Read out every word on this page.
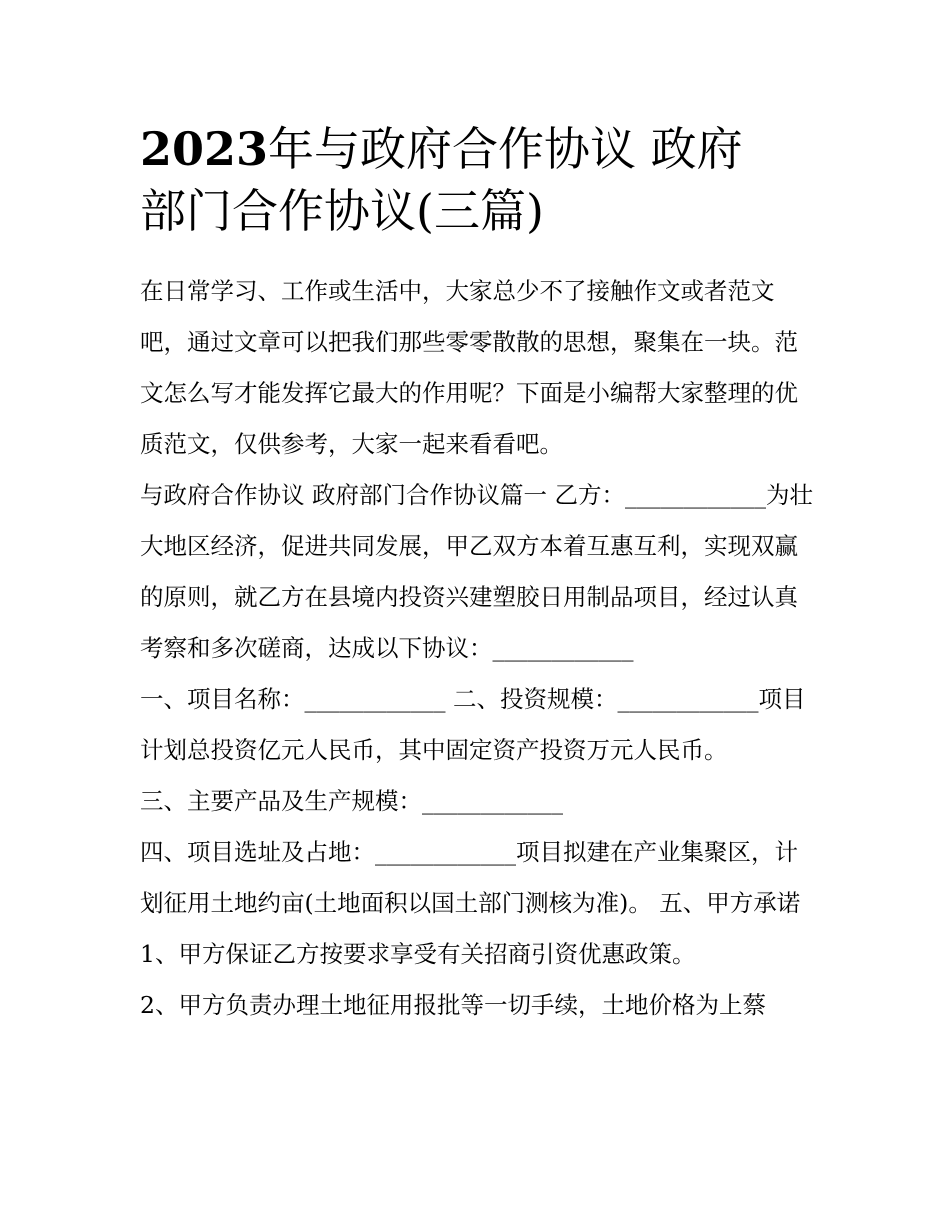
2023年与政府合作协议 政府
部门合作协议(三篇)

在日常学习、工作或生活中，大家总少不了接触作文或者范文吧，通过文章可以把我们那些零零散散的思想，聚集在一块。范文怎么写才能发挥它最大的作用呢？下面是小编帮大家整理的优质范文，仅供参考，大家一起来看看吧。

与政府合作协议 政府部门合作协议篇一 乙方：____________为壮大地区经济，促进共同发展，甲乙双方本着互惠互利，实现双赢的原则，就乙方在县境内投资兴建塑胶日用制品项目，经过认真考察和多次磋商，达成以下协议：____________

一、项目名称：____________ 二、投资规模：____________项目计划总投资亿元人民币，其中固定资产投资万元人民币。

三、主要产品及生产规模：____________

四、项目选址及占地：____________项目拟建在产业集聚区，计划征用土地约亩(土地面积以国土部门测核为准)。 五、甲方承诺

1、甲方保证乙方按要求享受有关招商引资优惠政策。

2、甲方负责办理土地征用报批等一切手续，土地价格为上蔡
